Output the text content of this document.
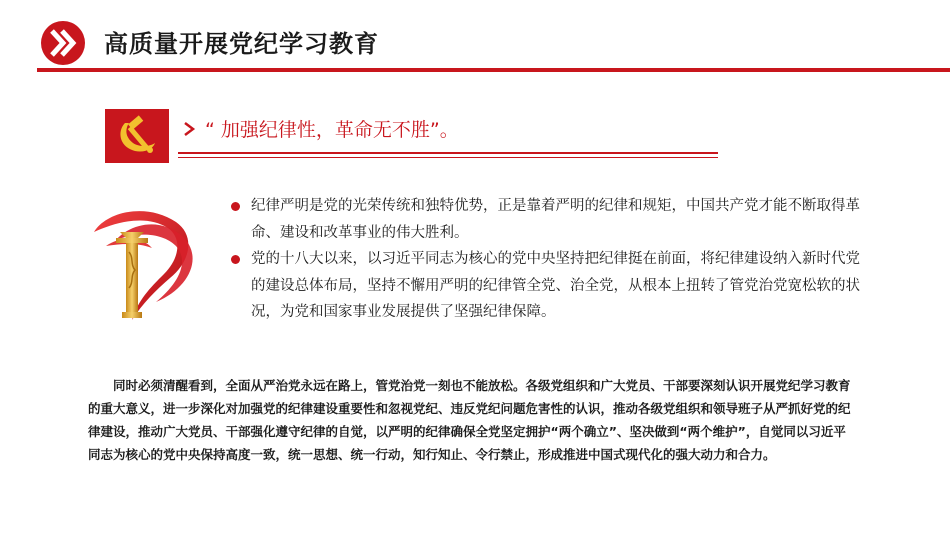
高质量开展党纪学习教育
“ 加强纪律性，革命无不胜”。
纪律严明是党的光荣传统和独特优势，正是靠着严明的纪律和规矩，中国共产党才能不断取得革命、建设和改革事业的伟大胜利。
党的十八大以来，以习近平同志为核心的党中央坚持把纪律挺在前面，将纪律建设纳入新时代党的建设总体布局，坚持不懈用严明的纪律管全党、治全党，从根本上扭转了管党治党宽松软的状况，为党和国家事业发展提供了坚强纪律保障。

同时必须清醒看到，全面从严治党永远在路上，管党治党一刻也不能放松。各级党组织和广大党员、干部要深刻认识开展党纪学习教育的重大意义，进一步深化对加强党的纪律建设重要性和忽视党纪、违反党纪问题危害性的认识，推动各级党组织和领导班子从严抓好党的纪律建设，推动广大党员、干部强化遵守纪律的自觉，以严明的纪律确保全党坚定拥护“两个确立”、坚决做到“两个维护”，自觉同以习近平同志为核心的党中央保持高度一致，统一思想、统一行动，知行知止、令行禁止，形成推进中国式现代化的强大动力和合力。
